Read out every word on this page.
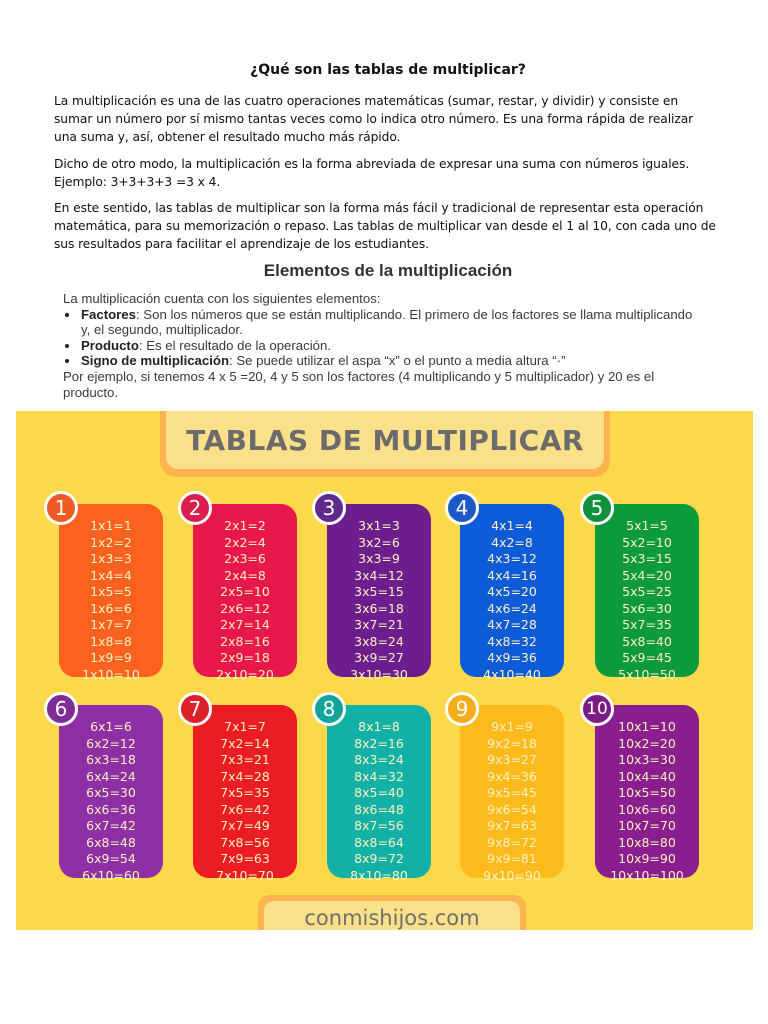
¿Qué son las tablas de multiplicar?

La multiplicación es una de las cuatro operaciones matemáticas (sumar, restar, y dividir) y consiste en sumar un número por sí mismo tantas veces como lo indica otro número. Es una forma rápida de realizar una suma y, así, obtener el resultado mucho más rápido.

Dicho de otro modo, la multiplicación es la forma abreviada de expresar una suma con números iguales. Ejemplo: 3+3+3+3 =3 x 4.

En este sentido, las tablas de multiplicar son la forma más fácil y tradicional de representar esta operación matemática, para su memorización o repaso. Las tablas de multiplicar van desde el 1 al 10, con cada uno de sus resultados para facilitar el aprendizaje de los estudiantes.

Elementos de la multiplicación
La multiplicación cuenta con los siguientes elementos:
Factores: Son los números que se están multiplicando. El primero de los factores se llama multiplicando y, el segundo, multiplicador.
Producto: Es el resultado de la operación.
Signo de multiplicación: Se puede utilizar el aspa “x” o el punto a media altura “·”
Por ejemplo, si tenemos 4 x 5 =20, 4 y 5 son los factores (4 multiplicando y 5 multiplicador) y 20 es el producto.
TABLAS DE MULTIPLICAR
conmishijos.com
1x1=1
1x2=2
1x3=3
1x4=4
1x5=5
1x6=6
1x7=7
1x8=8
1x9=9
1x10=10
1
2x1=2
2x2=4
2x3=6
2x4=8
2x5=10
2x6=12
2x7=14
2x8=16
2x9=18
2x10=20
2
3x1=3
3x2=6
3x3=9
3x4=12
3x5=15
3x6=18
3x7=21
3x8=24
3x9=27
3x10=30
3
4x1=4
4x2=8
4x3=12
4x4=16
4x5=20
4x6=24
4x7=28
4x8=32
4x9=36
4x10=40
4
5x1=5
5x2=10
5x3=15
5x4=20
5x5=25
5x6=30
5x7=35
5x8=40
5x9=45
5x10=50
5
6x1=6
6x2=12
6x3=18
6x4=24
6x5=30
6x6=36
6x7=42
6x8=48
6x9=54
6x10=60
6
7x1=7
7x2=14
7x3=21
7x4=28
7x5=35
7x6=42
7x7=49
7x8=56
7x9=63
7x10=70
7
8x1=8
8x2=16
8x3=24
8x4=32
8x5=40
8x6=48
8x7=56
8x8=64
8x9=72
8x10=80
8
9x1=9
9x2=18
9x3=27
9x4=36
9x5=45
9x6=54
9x7=63
9x8=72
9x9=81
9x10=90
9
10x1=10
10x2=20
10x3=30
10x4=40
10x5=50
10x6=60
10x7=70
10x8=80
10x9=90
10x10=100
10
